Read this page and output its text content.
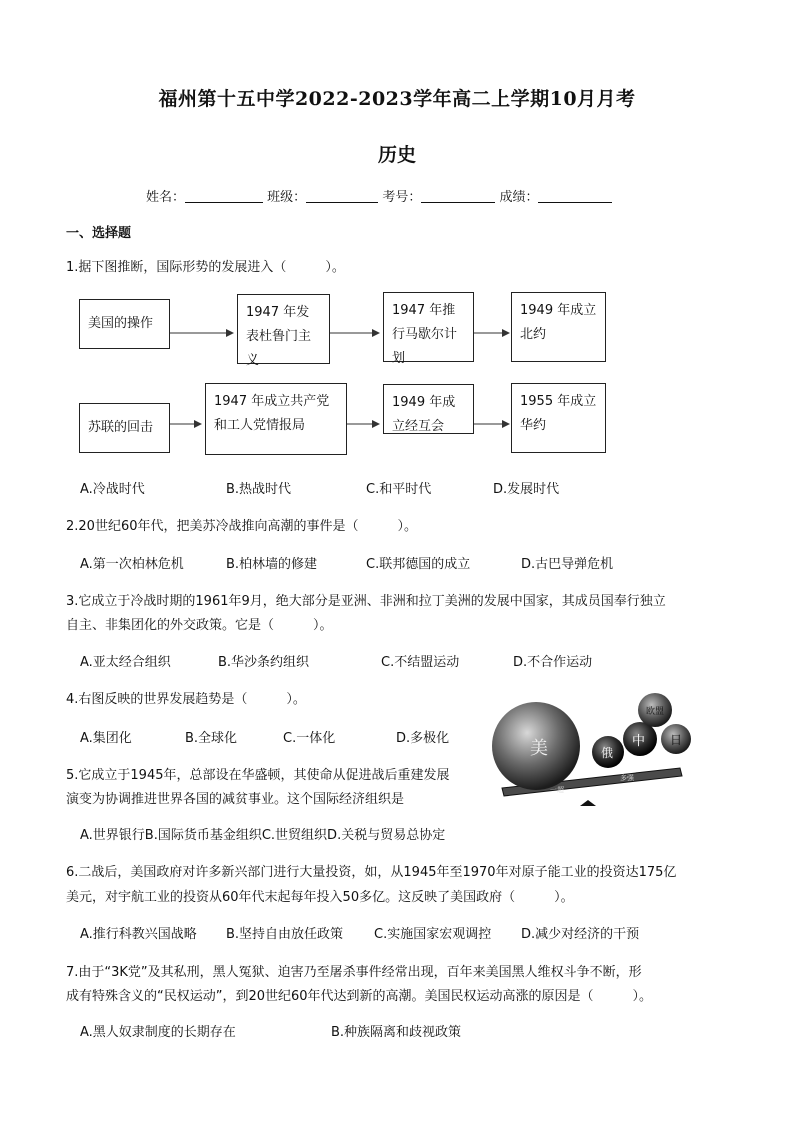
福州第十五中学2022-2023学年高二上学期10月月考
历史
姓名：	班级：	考号：	成绩：
一、选择题
1.据下图推断，国际形势的发展进入（　　　）。
美国的操作
1947 年发表杜鲁门主义
1947 年推行马歇尔计划
1949 年成立北约
苏联的回击
1947 年成立共产党和工人党情报局
1949 年成立经互会
1955 年成立华约
A.冷战时代	B.热战时代	C.和平时代	D.发展时代
2.20世纪60年代，把美苏冷战推向高潮的事件是（　　　）。
A.第一次柏林危机	B.柏林墙的修建	C.联邦德国的成立	D.古巴导弹危机
3.它成立于冷战时期的1961年9月，绝大部分是亚洲、非洲和拉丁美洲的发展中国家，其成员国奉行独立
自主、非集团化的外交政策。它是（　　　）。
A.亚太经合组织	B.华沙条约组织	C.不结盟运动	D.不合作运动
4.右图反映的世界发展趋势是（　　　）。
A.集团化	B.全球化	C.一体化	D.多极化	美	俄
中 日
欧盟
一超
多强
5.它成立于1945年，总部设在华盛顿，其使命从促进战后重建发展
演变为协调推进世界各国的减贫事业。这个国际经济组织是
A.世界银行B.国际货币基金组织C.世贸组织D.关税与贸易总协定
6.二战后，美国政府对许多新兴部门进行大量投资，如，从1945年至1970年对原子能工业的投资达175亿
美元，对宇航工业的投资从60年代末起每年投入50多亿。这反映了美国政府（　　　）。
A.推行科教兴国战略 B.坚持自由放任政策 C.实施国家宏观调控 D.减少对经济的干预
7.由于“3K党”及其私刑，黑人冤狱、迫害乃至屠杀事件经常出现，百年来美国黑人维权斗争不断，形
成有特殊含义的“民权运动”，到20世纪60年代达到新的高潮。美国民权运动高涨的原因是（　　　）。
A.黑人奴隶制度的长期存在	B.种族隔离和歧视政策
